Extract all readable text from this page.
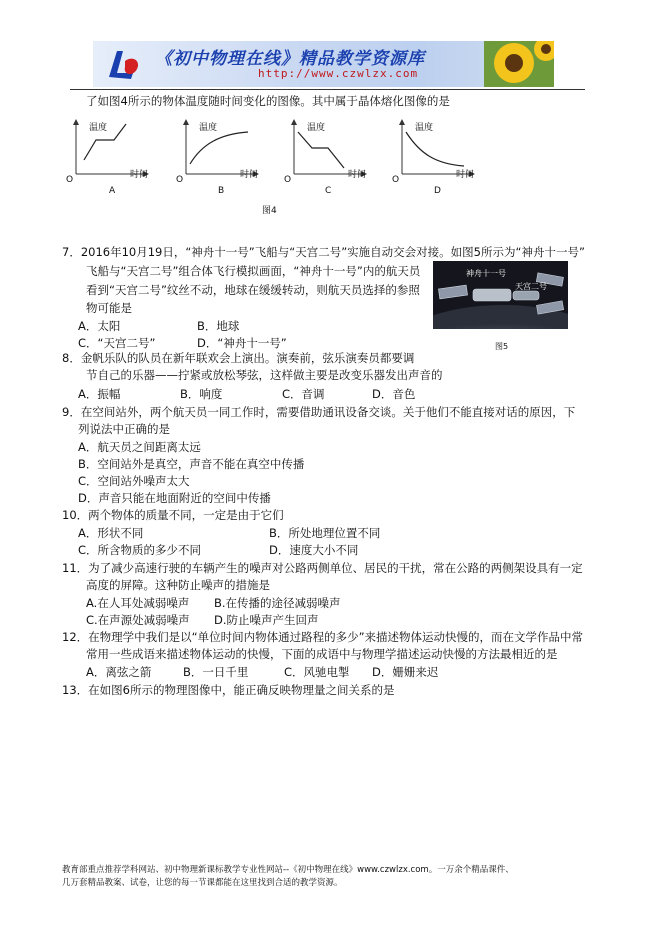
《初中物理在线》精品教学资源库
http://www.czwlzx.com
了如图4所示的物体温度随时间变化的图像。其中属于晶体熔化图像的是
温度	温度	温度	温度
O	O	O	O
时间	时间	时间	时间
A	B	C	D
图4
7．2016年10月19日，“神舟十一号”飞船与“天宫二号”实施自动交会对接。如图5所示为“神舟十一号”
飞船与“天宫二号”组合体飞行模拟画面，“神舟十一号”内的航天员
看到“天宫二号”纹丝不动，地球在缓缓转动，则航天员选择的参照
物可能是
A．太阳	B．地球
C．“天宫二号”	D．“神舟十一号”
神舟十一号
天宫二号
图5
8．金帆乐队的队员在新年联欢会上演出。演奏前，弦乐演奏员都要调
节自己的乐器——拧紧或放松琴弦，这样做主要是改变乐器发出声音的
A．振幅	B．响度	C．音调	D．音色
9．在空间站外，两个航天员一同工作时，需要借助通讯设备交谈。关于他们不能直接对话的原因，下
列说法中正确的是
A．航天员之间距离太远
B．空间站外是真空，声音不能在真空中传播
C．空间站外噪声太大
D．声音只能在地面附近的空间中传播
10．两个物体的质量不同，一定是由于它们
A．形状不同	B．所处地理位置不同
C．所含物质的多少不同	D．速度大小不同
11．为了减少高速行驶的车辆产生的噪声对公路两侧单位、居民的干扰，常在公路的两侧架设具有一定
高度的屏障。这种防止噪声的措施是
A.在人耳处减弱噪声 B.在传播的途径减弱噪声
C.在声源处减弱噪声 D.防止噪声产生回声
12．在物理学中我们是以“单位时间内物体通过路程的多少”来描述物体运动快慢的，而在文学作品中常
常用一些成语来描述物体运动的快慢，下面的成语中与物理学描述运动快慢的方法最相近的是
A．离弦之箭	B．一日千里	C．风驰电掣 D．姗姗来迟
13．在如图6所示的物理图像中，能正确反映物理量之间关系的是
教育部重点推荐学科网站、初中物理新课标教学专业性网站--《初中物理在线》www.czwlzx.com。一万余个精品课件、
几万套精品教案、试卷，让您的每一节课都能在这里找到合适的教学资源。
